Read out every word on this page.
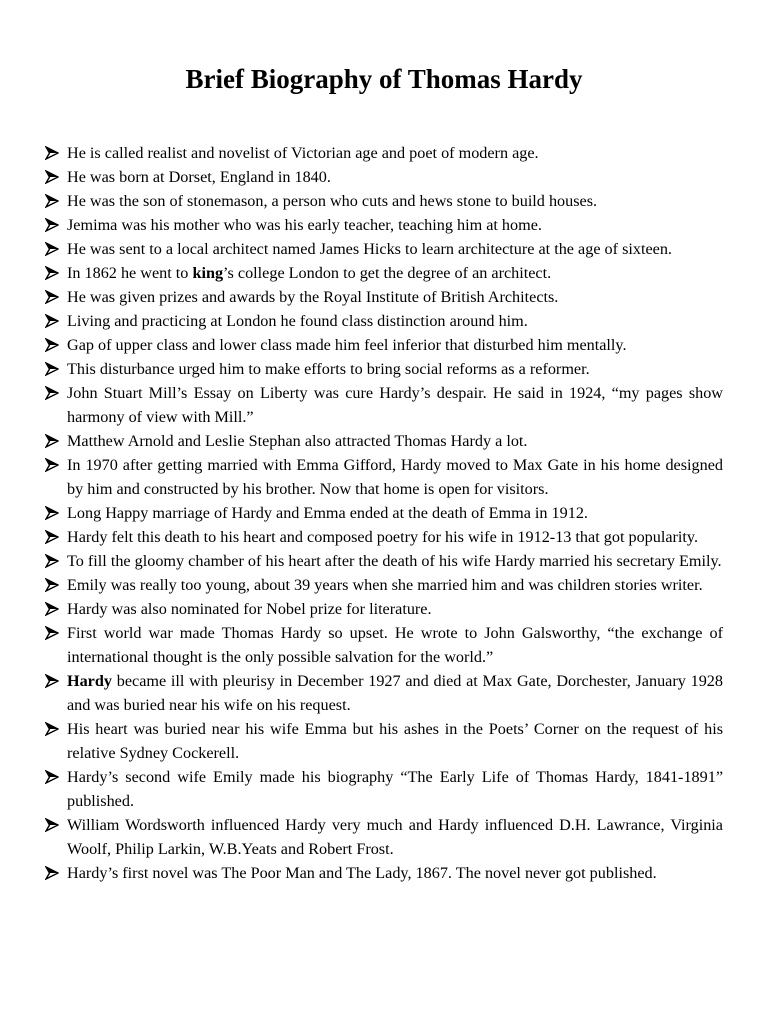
Brief Biography of Thomas Hardy
He is called realist and novelist of Victorian age and poet of modern age.
He was born at Dorset, England in 1840.
He was the son of stonemason, a person who cuts and hews stone to build houses.
Jemima was his mother who was his early teacher, teaching him at home.
He was sent to a local architect named James Hicks to learn architecture at the age of sixteen.
In 1862 he went to king’s college London to get the degree of an architect.
He was given prizes and awards by the Royal Institute of British Architects.
Living and practicing at London he found class distinction around him.
Gap of upper class and lower class made him feel inferior that disturbed him mentally.
This disturbance urged him to make efforts to bring social reforms as a reformer.
John Stuart Mill’s Essay on Liberty was cure Hardy’s despair. He said in 1924, “my pages show harmony of view with Mill.”
Matthew Arnold and Leslie Stephan also attracted Thomas Hardy a lot.
In 1970 after getting married with Emma Gifford, Hardy moved to Max Gate in his home designed by him and constructed by his brother. Now that home is open for visitors.
Long Happy marriage of Hardy and Emma ended at the death of Emma in 1912.
Hardy felt this death to his heart and composed poetry for his wife in 1912-13 that got popularity.
To fill the gloomy chamber of his heart after the death of his wife Hardy married his secretary Emily.
Emily was really too young, about 39 years when she married him and was children stories writer.
Hardy was also nominated for Nobel prize for literature.
First world war made Thomas Hardy so upset. He wrote to John Galsworthy, “the exchange of international thought is the only possible salvation for the world.”
Hardy became ill with pleurisy in December 1927 and died at Max Gate, Dorchester, January 1928 and was buried near his wife on his request.
His heart was buried near his wife Emma but his ashes in the Poets’ Corner on the request of his relative Sydney Cockerell.
Hardy’s second wife Emily made his biography “The Early Life of Thomas Hardy, 1841-1891” published.
William Wordsworth influenced Hardy very much and Hardy influenced D.H. Lawrance, Virginia Woolf, Philip Larkin, W.B.Yeats and Robert Frost.
Hardy’s first novel was The Poor Man and The Lady, 1867. The novel never got published.
